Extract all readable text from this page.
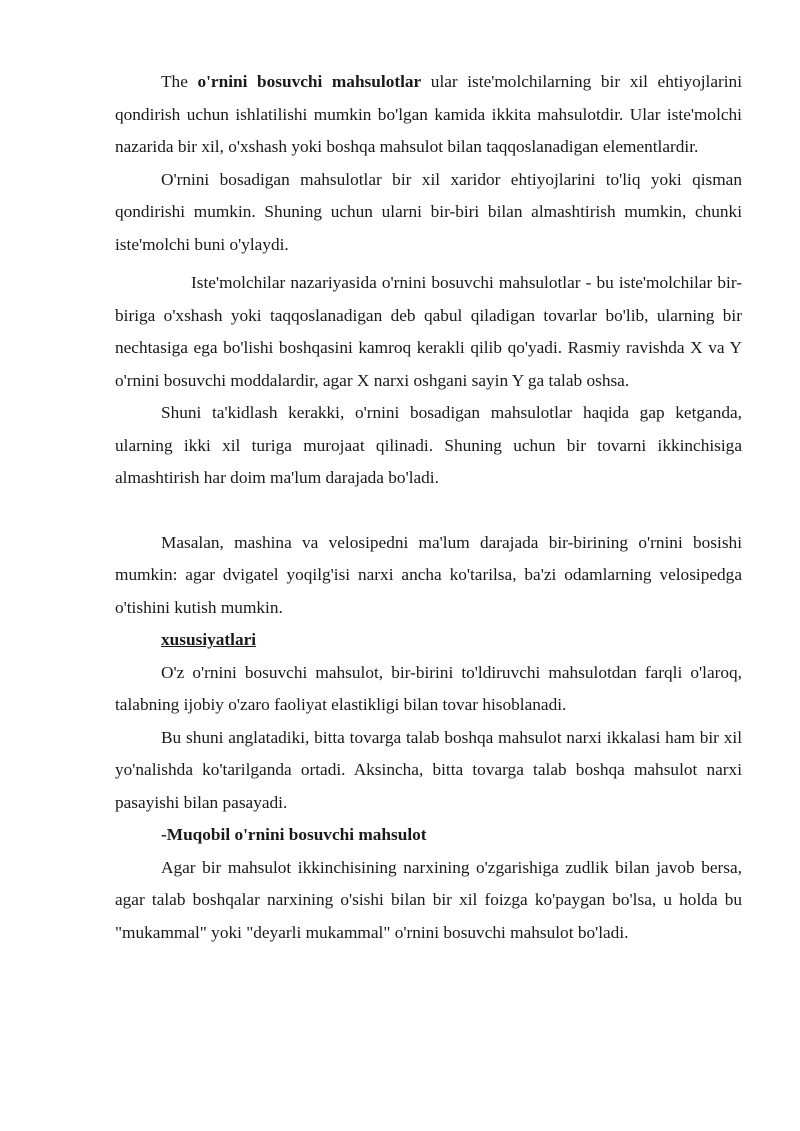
The o'rnini bosuvchi mahsulotlar ular iste'molchilarning bir xil ehtiyojlarini qondirish uchun ishlatilishi mumkin bo'lgan kamida ikkita mahsulotdir. Ular iste'molchi nazarida bir xil, o'xshash yoki boshqa mahsulot bilan taqqoslanadigan elementlardir.

O'rnini bosadigan mahsulotlar bir xil xaridor ehtiyojlarini to'liq yoki qisman qondirishi mumkin. Shuning uchun ularni bir-biri bilan almashtirish mumkin, chunki iste'molchi buni o'ylaydi.

Iste'molchilar nazariyasida o'rnini bosuvchi mahsulotlar - bu iste'molchilar bir-biriga o'xshash yoki taqqoslanadigan deb qabul qiladigan tovarlar bo'lib, ularning bir nechtasiga ega bo'lishi boshqasini kamroq kerakli qilib qo'yadi. Rasmiy ravishda X va Y o'rnini bosuvchi moddalardir, agar X narxi oshgani sayin Y ga talab oshsa.

Shuni ta'kidlash kerakki, o'rnini bosadigan mahsulotlar haqida gap ketganda, ularning ikki xil turiga murojaat qilinadi. Shuning uchun bir tovarni ikkinchisiga almashtirish har doim ma'lum darajada bo'ladi.

Masalan, mashina va velosipedni ma'lum darajada bir-birining o'rnini bosishi mumkin: agar dvigatel yoqilg'isi narxi ancha ko'tarilsa, ba'zi odamlarning velosipedga o'tishini kutish mumkin.

xususiyatlari

O'z o'rnini bosuvchi mahsulot, bir-birini to'ldiruvchi mahsulotdan farqli o'laroq, talabning ijobiy o'zaro faoliyat elastikligi bilan tovar hisoblanadi.

Bu shuni anglatadiki, bitta tovarga talab boshqa mahsulot narxi ikkalasi ham bir xil yo'nalishda ko'tarilganda ortadi. Aksincha, bitta tovarga talab boshqa mahsulot narxi pasayishi bilan pasayadi.

-Muqobil o'rnini bosuvchi mahsulot

Agar bir mahsulot ikkinchisining narxining o'zgarishiga zudlik bilan javob bersa, agar talab boshqalar narxining o'sishi bilan bir xil foizga ko'paygan bo'lsa, u holda bu "mukammal" yoki "deyarli mukammal" o'rnini bosuvchi mahsulot bo'ladi.
